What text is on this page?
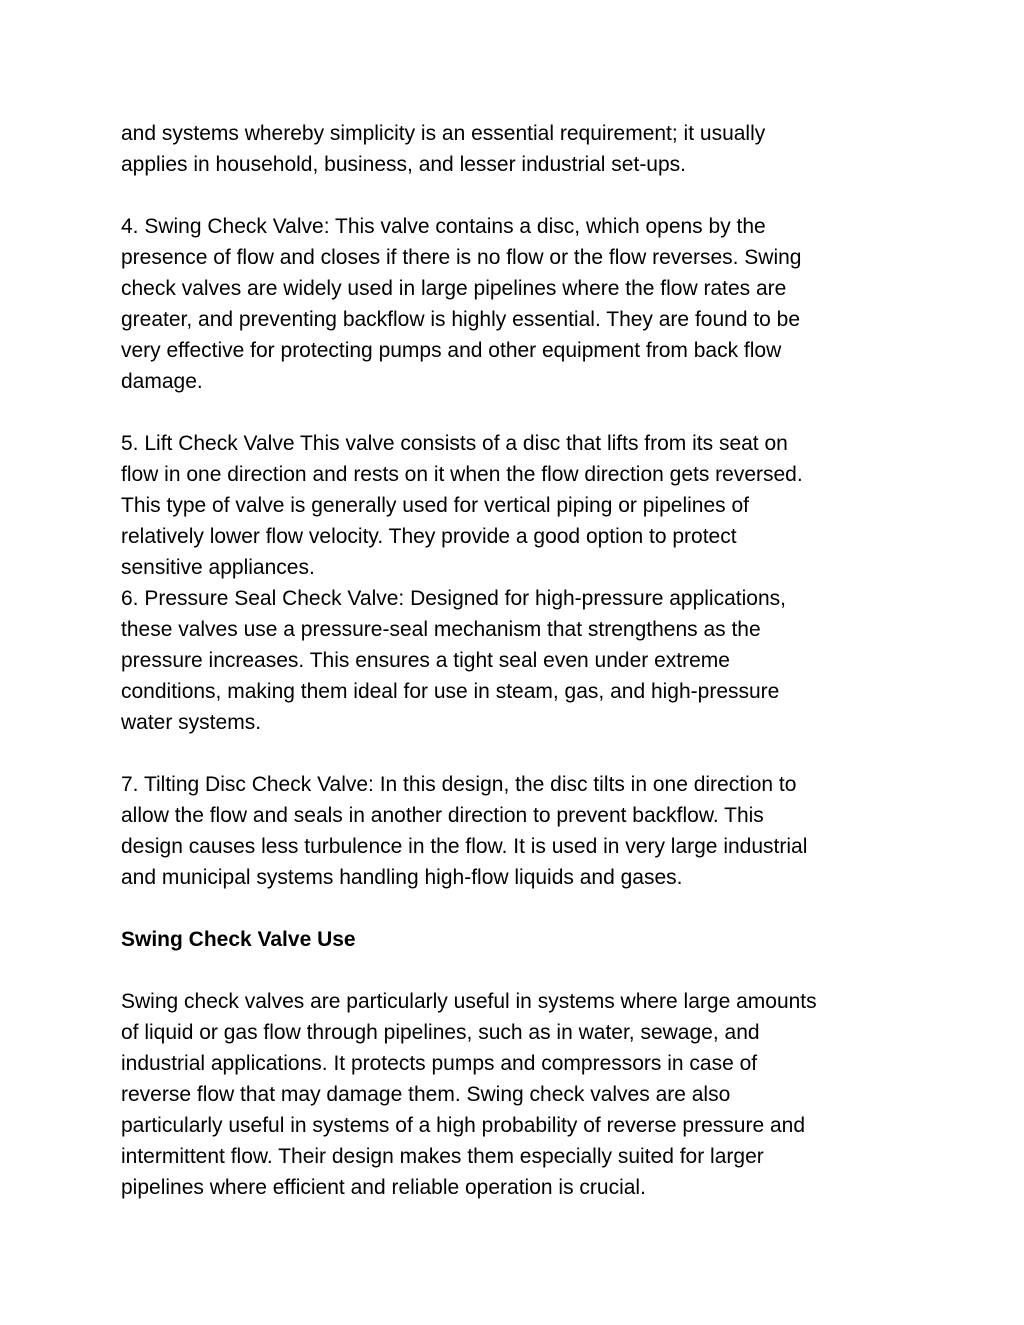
and systems whereby simplicity is an essential requirement; it usually
applies in household, business, and lesser industrial set-ups.
4. Swing Check Valve: This valve contains a disc, which opens by the
presence of flow and closes if there is no flow or the flow reverses. Swing
check valves are widely used in large pipelines where the flow rates are
greater, and preventing backflow is highly essential. They are found to be
very effective for protecting pumps and other equipment from back flow
damage.
5. Lift Check Valve This valve consists of a disc that lifts from its seat on
flow in one direction and rests on it when the flow direction gets reversed.
This type of valve is generally used for vertical piping or pipelines of
relatively lower flow velocity. They provide a good option to protect
sensitive appliances.
6. Pressure Seal Check Valve: Designed for high-pressure applications,
these valves use a pressure-seal mechanism that strengthens as the
pressure increases. This ensures a tight seal even under extreme
conditions, making them ideal for use in steam, gas, and high-pressure
water systems.
7. Tilting Disc Check Valve: In this design, the disc tilts in one direction to
allow the flow and seals in another direction to prevent backflow. This
design causes less turbulence in the flow. It is used in very large industrial
and municipal systems handling high-flow liquids and gases.
Swing Check Valve Use
Swing check valves are particularly useful in systems where large amounts
of liquid or gas flow through pipelines, such as in water, sewage, and
industrial applications. It protects pumps and compressors in case of
reverse flow that may damage them. Swing check valves are also
particularly useful in systems of a high probability of reverse pressure and
intermittent flow. Their design makes them especially suited for larger
pipelines where efficient and reliable operation is crucial.
